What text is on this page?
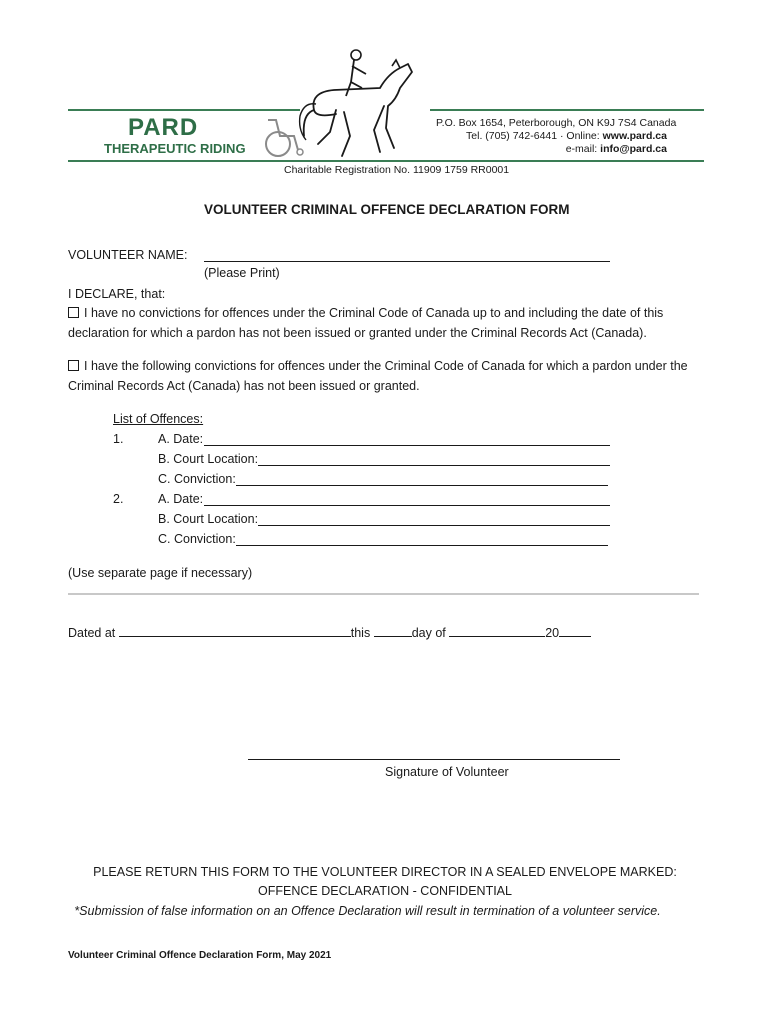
PARD
THERAPEUTIC RIDING
P.O. Box 1654, Peterborough, ON K9J 7S4 Canada
Tel. (705) 742-6441 · Online: www.pard.ca
e-mail: info@pard.ca
Charitable Registration No. 11909 1759 RR0001
VOLUNTEER CRIMINAL OFFENCE DECLARATION FORM
VOLUNTEER NAME:
(Please Print)
I DECLARE, that:
I have no convictions for offences under the Criminal Code of Canada up to and including the date of this
declaration for which a pardon has not been issued or granted under the Criminal Records Act (Canada).
I have the following convictions for offences under the Criminal Code of Canada for which a pardon under the
Criminal Records Act (Canada) has not been issued or granted.
List of Offences:
1.	A. Date:
B. Court Location:
C. Conviction:
2.	A. Date:
B. Court Location:
C. Conviction:
(Use separate page if necessary)
Dated at	this	day of	20
Signature of Volunteer
PLEASE RETURN THIS FORM TO THE VOLUNTEER DIRECTOR IN A SEALED ENVELOPE MARKED:
OFFENCE DECLARATION - CONFIDENTIAL
*Submission of false information on an Offence Declaration will result in termination of a volunteer service.
Volunteer Criminal Offence Declaration Form, May 2021
